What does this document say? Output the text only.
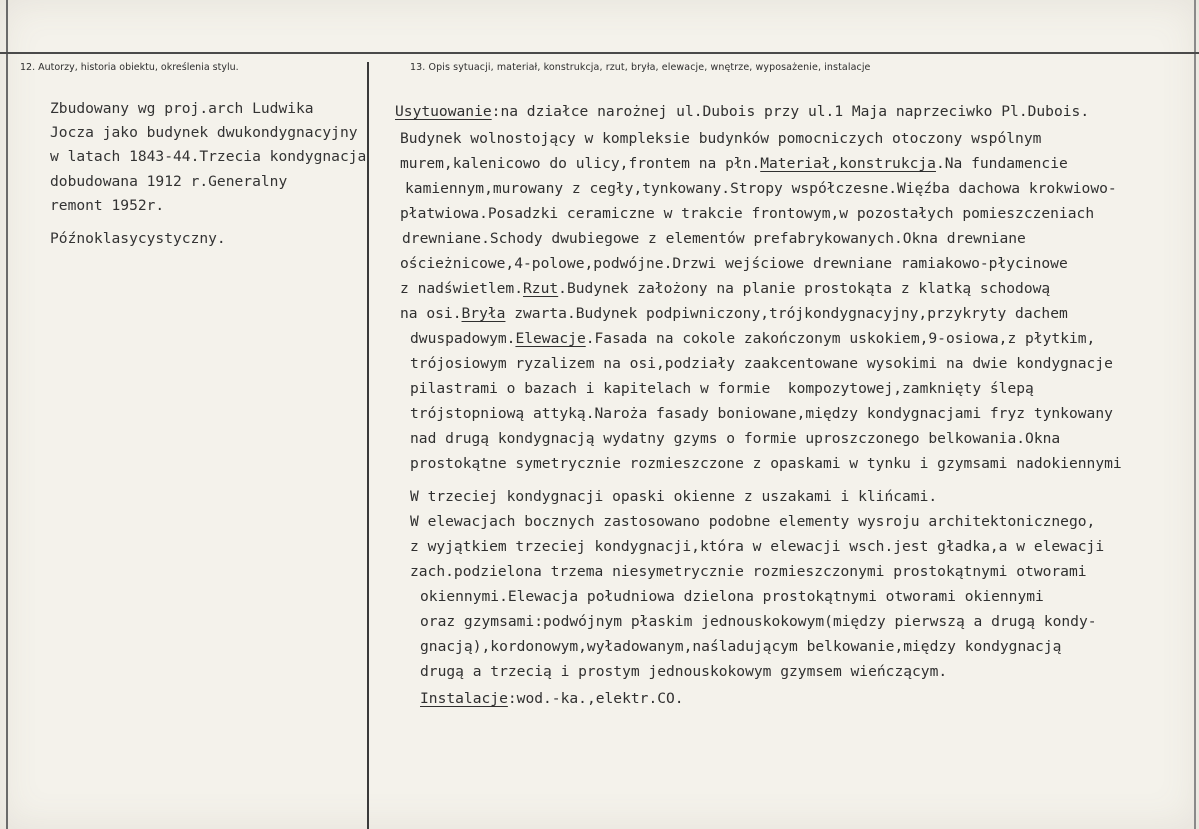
12. Autorzy, historia obiektu, określenia stylu.	13. Opis sytuacji, materiał, konstrukcja, rzut, bryła, elewacje, wnętrze, wyposażenie, instalacje
Zbudowany wg proj.arch Ludwika
Jocza jako budynek dwukondygnacyjny
w latach 1843-44.Trzecia kondygnacja
dobudowana 1912 r.Generalny
remont 1952r.
Późnoklasycystyczny.
Usytuowanie:na działce narożnej ul.Dubois przy ul.1 Maja naprzeciwko Pl.Dubois.
Budynek wolnostojący w kompleksie budynków pomocniczych otoczony wspólnym
murem,kalenicowo do ulicy,frontem na płn.Materiał,konstrukcja.Na fundamencie
kamiennym,murowany z cegły,tynkowany.Stropy współczesne.Więźba dachowa krokwiowo-
płatwiowa.Posadzki ceramiczne w trakcie frontowym,w pozostałych pomieszczeniach
drewniane.Schody dwubiegowe z elementów prefabrykowanych.Okna drewniane
ościeżnicowe,4-polowe,podwójne.Drzwi wejściowe drewniane ramiakowo-płycinowe
z nadświetlem.Rzut.Budynek założony na planie prostokąta z klatką schodową
na osi.Bryła zwarta.Budynek podpiwniczony,trójkondygnacyjny,przykryty dachem
dwuspadowym.Elewacje.Fasada na cokole zakończonym uskokiem,9-osiowa,z płytkim,
trójosiowym ryzalizem na osi,podziały zaakcentowane wysokimi na dwie kondygnacje
pilastrami o bazach i kapitelach w formie  kompozytowej,zamknięty ślepą
trójstopniową attyką.Naroża fasady boniowane,między kondygnacjami fryz tynkowany
nad drugą kondygnacją wydatny gzyms o formie uproszczonego belkowania.Okna
prostokątne symetrycznie rozmieszczone z opaskami w tynku i gzymsami nadokiennymi
W trzeciej kondygnacji opaski okienne z uszakami i klińcami.
W elewacjach bocznych zastosowano podobne elementy wysroju architektonicznego,
z wyjątkiem trzeciej kondygnacji,która w elewacji wsch.jest gładka,a w elewacji
zach.podzielona trzema niesymetrycznie rozmieszczonymi prostokątnymi otworami
okiennymi.Elewacja południowa dzielona prostokątnymi otworami okiennymi
oraz gzymsami:podwójnym płaskim jednouskokowym(między pierwszą a drugą kondy-
gnacją),kordonowym,wyładowanym,naśladującym belkowanie,między kondygnacją
drugą a trzecią i prostym jednouskokowym gzymsem wieńczącym.
Instalacje:wod.-ka.,elektr.CO.
